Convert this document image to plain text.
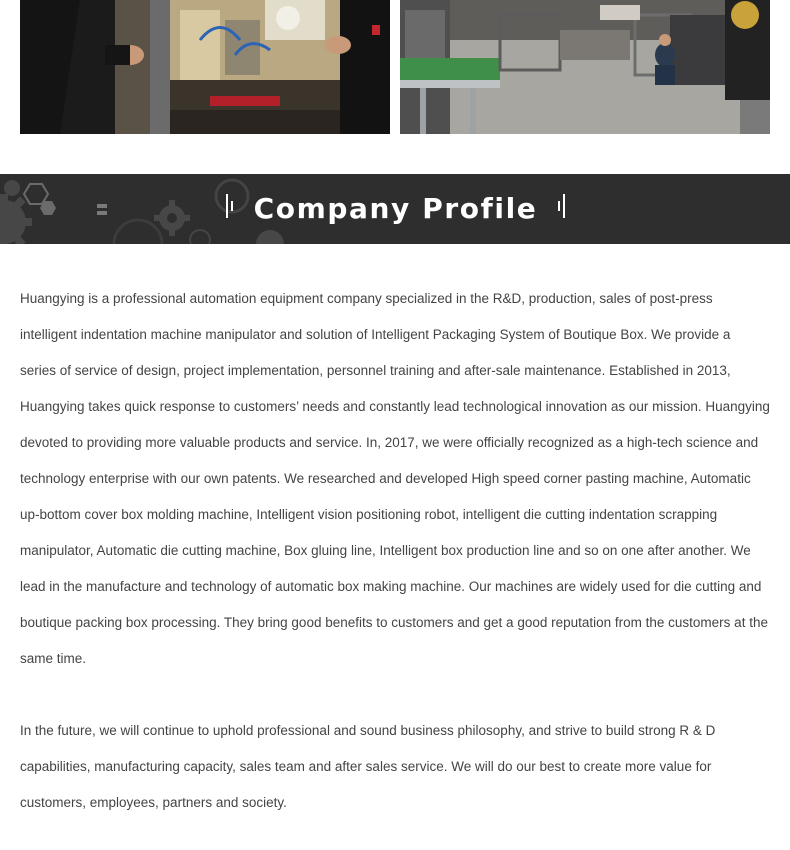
Company Profile

Huangying is a professional automation equipment company specialized in the R&D, production, sales of post-press intelligent indentation machine manipulator and solution of Intelligent Packaging System of Boutique Box. We provide a series of service of design, project implementation, personnel training and after-sale maintenance. Established in 2013, Huangying takes quick response to customers’ needs and constantly lead technological innovation as our mission. Huangying devoted to providing more valuable products and service. In, 2017, we were officially recognized as a high-tech science and technology enterprise with our own patents. We researched and developed High speed corner pasting machine, Automatic up-bottom cover box molding machine, Intelligent vision positioning robot, intelligent die cutting indentation scrapping manipulator, Automatic die cutting machine, Box gluing line, Intelligent box production line and so on one after another. We lead in the manufacture and technology of automatic box making machine. Our machines are widely used for die cutting and boutique packing box processing. They bring good benefits to customers and get a good reputation from the customers at the same time.

In the future, we will continue to uphold professional and sound business philosophy, and strive to build strong R & D capabilities, manufacturing capacity, sales team and after sales service. We will do our best to create more value for customers, employees, partners and society.
